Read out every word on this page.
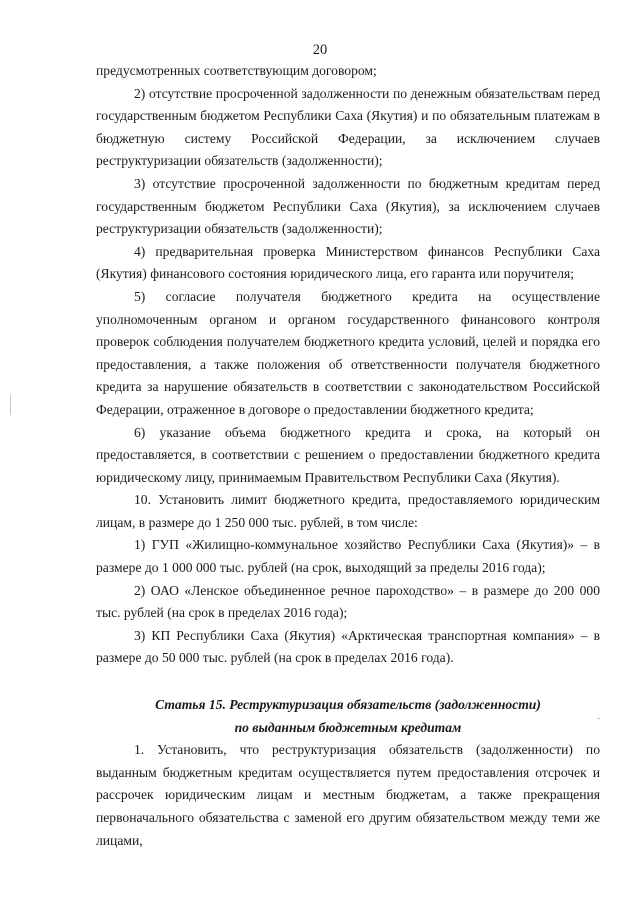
20

предусмотренных соответствующим договором;

2) отсутствие просроченной задолженности по денежным обязательствам перед государственным бюджетом Республики Саха (Якутия) и по обязательным платежам в бюджетную систему Российской Федерации, за исключением случаев реструктуризации обязательств (задолженности);

3) отсутствие просроченной задолженности по бюджетным кредитам перед государственным бюджетом Республики Саха (Якутия), за исключением случаев реструктуризации обязательств (задолженности);

4) предварительная проверка Министерством финансов Республики Саха (Якутия) финансового состояния юридического лица, его гаранта или поручителя;

5) согласие получателя бюджетного кредита на осуществление уполномоченным органом и органом государственного финансового контроля проверок соблюдения получателем бюджетного кредита условий, целей и порядка его предоставления, а также положения об ответственности получателя бюджетного кредита за нарушение обязательств в соответствии с законодательством Российской Федерации, отраженное в договоре о предоставлении бюджетного кредита;

6) указание объема бюджетного кредита и срока, на который он предоставляется, в соответствии с решением о предоставлении бюджетного кредита юридическому лицу, принимаемым Правительством Республики Саха (Якутия).

10. Установить лимит бюджетного кредита, предоставляемого юридическим лицам, в размере до 1 250 000 тыс. рублей, в том числе:

1) ГУП «Жилищно-коммунальное хозяйство Республики Саха (Якутия)» – в размере до 1 000 000 тыс. рублей (на срок, выходящий за пределы 2016 года);

2) ОАО «Ленское объединенное речное пароходство» – в размере до 200 000 тыс. рублей (на срок в пределах 2016 года);

3) КП Республики Саха (Якутия) «Арктическая транспортная компания» – в размере до 50 000 тыс. рублей (на срок в пределах 2016 года).

Статья 15. Реструктуризация обязательств (задолженности)
по выданным бюджетным кредитам

1. Установить, что реструктуризация обязательств (задолженности) по выданным бюджетным кредитам осуществляется путем предоставления отсрочек и рассрочек юридическим лицам и местным бюджетам, а также прекращения первоначального обязательства с заменой его другим обязательством между теми же лицами,
